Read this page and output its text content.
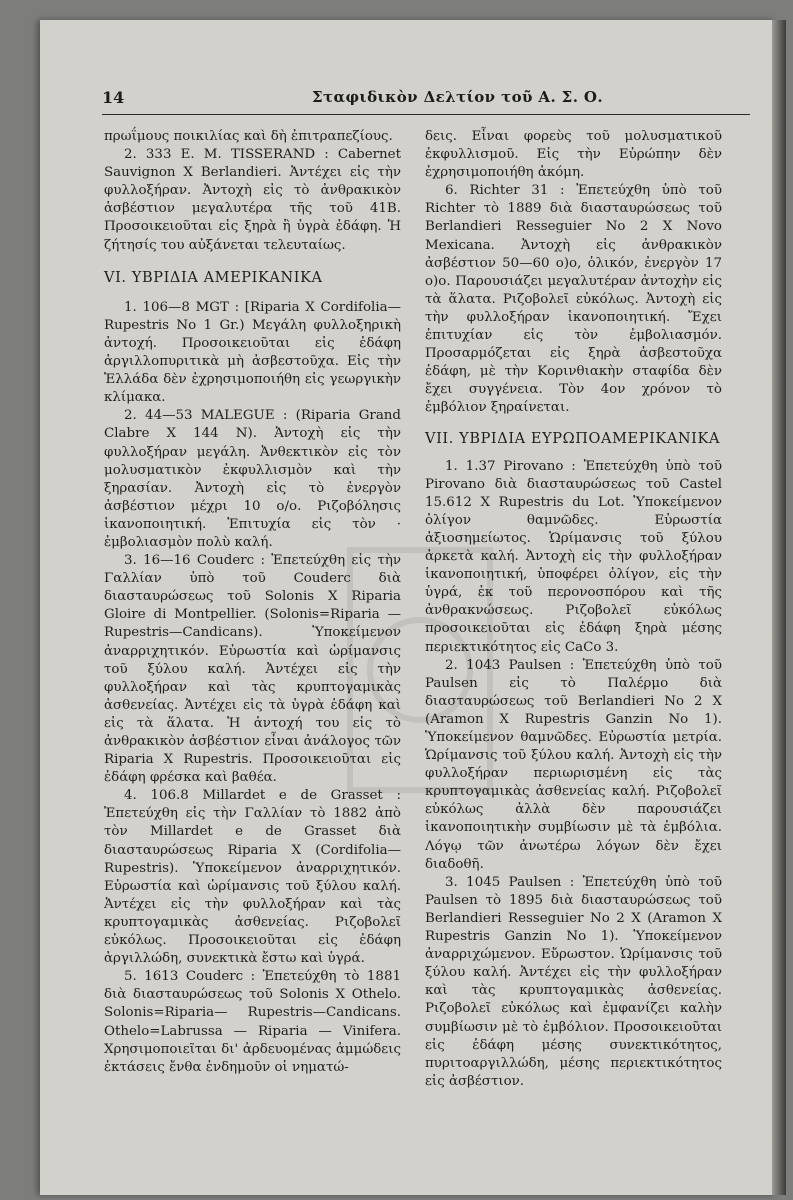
14	Σταφιδικὸν Δελτίον τοῦ Α. Σ. Ο.

πρωΐμους ποικιλίας καὶ δὴ ἐπιτραπεζίους.

2. 333 E. M. TISSERAND : Cabernet Sauvignon X Berlandieri. Ἀντέχει εἰς τὴν φυλλοξήραν. Ἀντοχὴ εἰς τὸ ἀνθρακικὸν ἀσβέστιον μεγαλυτέρα τῆς τοῦ 41B. Προσοικειοῦται εἰς ξηρὰ ἢ ὑγρὰ ἐδάφη. Ἡ ζήτησίς του αὐξάνεται τελευταίως.

VI. ΥΒΡΙΔΙΑ ΑΜΕΡΙΚΑΝΙΚΑ

1. 106—8 MGT : [Riparia X Cordifolia—Rupestris No 1 Gr.) Μεγάλη φυλλοξηρικὴ ἀντοχή. Προσοικειοῦται εἰς ἐδάφη ἀργιλλοπυριτικὰ μὴ ἀσβεστοῦχα. Εἰς τὴν Ἑλλάδα δὲν ἐχρησιμοποιήθη εἰς γεωργικὴν κλίμακα.

2. 44—53 MALEGUE : (Riparia Grand Clabre X 144 N). Ἀντοχὴ εἰς τὴν φυλλοξήραν μεγάλη. Ἀνθεκτικὸν εἰς τὸν μολυσματικὸν ἐκφυλλισμὸν καὶ τὴν ξηρασίαν. Ἀντοχὴ εἰς τὸ ἐνεργὸν ἀσβέστιον μέχρι 10 ο/ο. Ριζοβόλησις ἱκανοποιητική. Ἐπιτυχία εἰς τὸν · ἐμβολιασμὸν πολὺ καλή.

3. 16—16 Couderc : Ἐπετεύχθη εἰς τὴν Γαλλίαν ὑπὸ τοῦ Couderc διὰ διασταυρώσεως τοῦ Solonis X Riparia Gloire di Montpellier. (Solonis=Riparia —Rupestris—Candicans). Ὑποκείμενον ἀναρριχητικόν. Εὐρωστία καὶ ὡρίμανσις τοῦ ξύλου καλή. Ἀντέχει εἰς τὴν φυλλοξήραν καὶ τὰς κρυπτογαμικὰς ἀσθενείας. Ἀντέχει εἰς τὰ ὑγρὰ ἐδάφη καὶ εἰς τὰ ἅλατα. Ἡ ἀντοχή του εἰς τὸ ἀνθρακικὸν ἀσβέστιον εἶναι ἀνάλογος τῶν Riparia X Rupestris. Προσοικειοῦται εἰς ἐδάφη φρέσκα καὶ βαθέα.

4. 106.8 Millardet e de Grasset : Ἐπετεύχθη εἰς τὴν Γαλλίαν τὸ 1882 ἀπὸ τὸν Millardet e de Grasset διὰ διασταυρώσεως Riparia X (Cordifolia—Rupestris). Ὑποκείμενον ἀναρριχητικόν. Εὐρωστία καὶ ὡρίμανσις τοῦ ξύλου καλή. Ἀντέχει εἰς τὴν φυλλοξήραν καὶ τὰς κρυπτογαμικὰς ἀσθενείας. Ριζοβολεῖ εὐκόλως. Προσοικειοῦται εἰς ἐδάφη ἀργιλλώδη, συνεκτικὰ ἔστω καὶ ὑγρά.

5. 1613 Couderc : Ἐπετεύχθη τὸ 1881 διὰ διασταυρώσεως τοῦ Solonis X Othelo. Solonis=Riparia— Rupestris—Candicans. Othelo=Labrussa — Riparia — Vinifera. Χρησιμοποιεῖται δι' ἀρδευομένας ἀμμώδεις ἐκτάσεις ἔνθα ἐνδημοῦν οἱ νηματώ-

δεις. Εἶναι φορεὺς τοῦ μολυσματικοῦ ἐκφυλλισμοῦ. Εἰς τὴν Εὐρώπην δὲν ἐχρησιμοποιήθη ἀκόμη.

6. Richter 31 : Ἐπετεύχθη ὑπὸ τοῦ Richter τὸ 1889 διὰ διασταυρώσεως τοῦ Berlandieri Resseguier No 2 X Novo Mexicana. Ἀντοχὴ εἰς ἀνθρακικὸν ἀσβέστιον 50—60 ο)ο, ὁλικόν, ἐνεργὸν 17 ο)ο. Παρουσιάζει μεγαλυτέραν ἀντοχὴν εἰς τὰ ἅλατα. Ριζοβολεῖ εὐκόλως. Ἀντοχὴ εἰς τὴν φυλλοξήραν ἱκανοποιητική. Ἔχει ἐπιτυχίαν εἰς τὸν ἐμβολιασμόν. Προσαρμόζεται εἰς ξηρὰ ἀσβεστοῦχα ἐδάφη, μὲ τὴν Κορινθιακὴν σταφίδα δὲν ἔχει συγγένεια. Τὸν 4ον χρόνον τὸ ἐμβόλιον ξηραίνεται.

VII. ΥΒΡΙΔΙΑ ΕΥΡΩΠΟΑΜΕΡΙΚΑΝΙΚΑ

1. 1.37 Pirovano : Ἐπετεύχθη ὑπὸ τοῦ Pirovano διὰ διασταυρώσεως τοῦ Castel 15.612 X Rupestris du Lot. Ὑποκείμενον ὀλίγον θαμνῶδες. Εὐρωστία ἀξιοσημείωτος. Ὡρίμανσις τοῦ ξύλου ἀρκετὰ καλή. Ἀντοχὴ εἰς τὴν φυλλοξήραν ἱκανοποιητική, ὑποφέρει ὀλίγον, εἰς τὴν ὑγρά, ἐκ τοῦ περονοσπόρου καὶ τῆς ἀνθρακνώσεως. Ριζοβολεῖ εὐκόλως προσοικειοῦται εἰς ἐδάφη ξηρὰ μέσης περιεκτικότητος εἰς CaCo 3.

2. 1043 Paulsen : Ἐπετεύχθη ὑπὸ τοῦ Paulsen εἰς τὸ Παλέρμο διὰ διασταυρώσεως τοῦ Berlandieri No 2 X (Aramon X Rupestris Ganzin No 1). Ὑποκείμενον θαμνῶδες. Εὐρωστία μετρία. Ὡρίμανσις τοῦ ξύλου καλή. Ἀντοχὴ εἰς τὴν φυλλοξήραν περιωρισμένη εἰς τὰς κρυπτογαμικὰς ἀσθενείας καλή. Ριζοβολεῖ εὐκόλως ἀλλὰ δὲν παρουσιάζει ἱκανοποιητικὴν συμβίωσιν μὲ τὰ ἐμβόλια. Λόγῳ τῶν ἀνωτέρω λόγων δὲν ἔχει διαδοθῆ.

3. 1045 Paulsen : Ἐπετεύχθη ὑπὸ τοῦ Paulsen τὸ 1895 διὰ διασταυρώσεως τοῦ Berlandieri Resseguier No 2 X (Aramon X Rupestris Ganzin No 1). Ὑποκείμενον ἀναρριχώμενον. Εὔρωστον. Ὡρίμανσις τοῦ ξύλου καλή. Ἀντέχει εἰς τὴν φυλλοξήραν καὶ τὰς κρυπτογαμικὰς ἀσθενείας. Ριζοβολεῖ εὐκόλως καὶ ἐμφανίζει καλὴν συμβίωσιν μὲ τὸ ἐμβόλιον. Προσοικειοῦται εἰς ἐδάφη μέσης συνεκτικότητος, πυριτοαργιλλώδη, μέσης περιεκτικότητος εἰς ἀσβέστιον.
